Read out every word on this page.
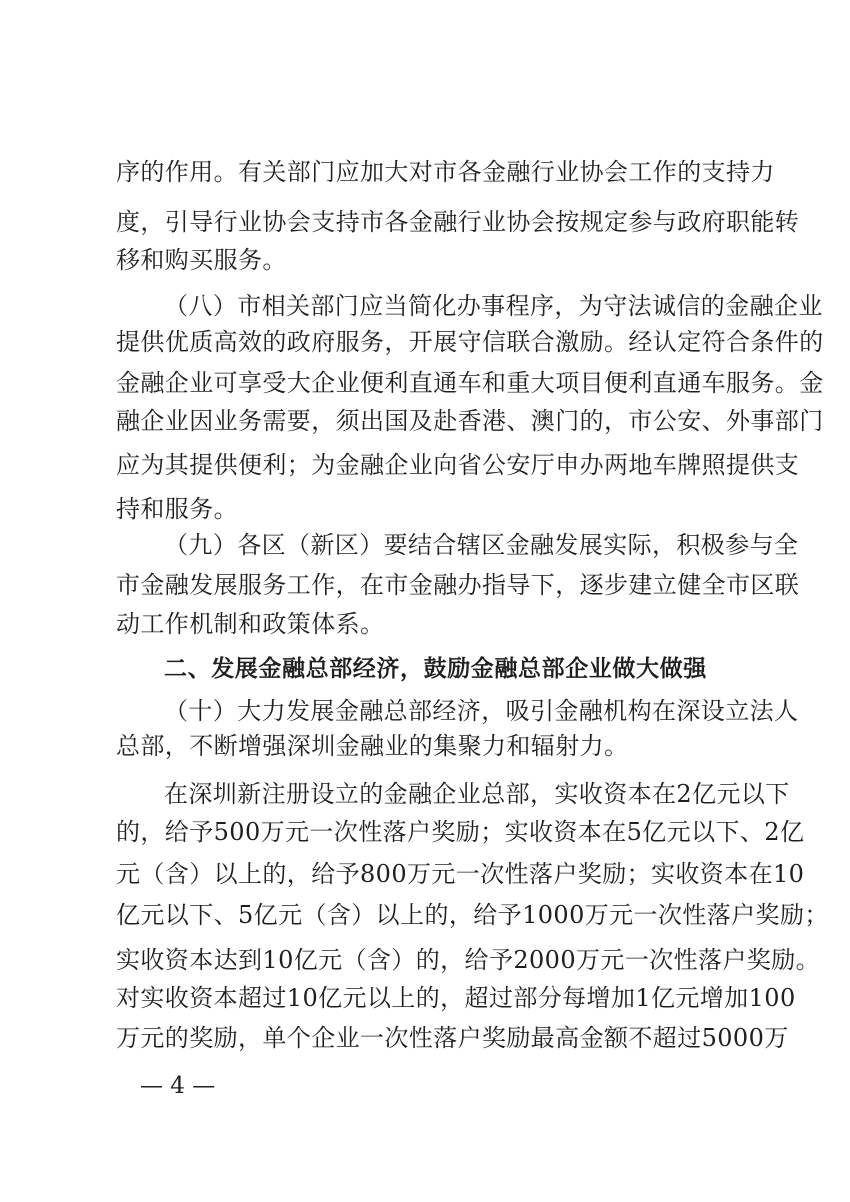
序的作用。有关部门应加大对市各金融行业协会工作的支持力
度，引导行业协会支持市各金融行业协会按规定参与政府职能转
移和购买服务。
（八）市相关部门应当简化办事程序，为守法诚信的金融企业
提供优质高效的政府服务，开展守信联合激励。经认定符合条件的
金融企业可享受大企业便利直通车和重大项目便利直通车服务。金
融企业因业务需要，须出国及赴香港、澳门的，市公安、外事部门
应为其提供便利；为金融企业向省公安厅申办两地车牌照提供支
持和服务。
（九）各区（新区）要结合辖区金融发展实际，积极参与全
市金融发展服务工作，在市金融办指导下，逐步建立健全市区联
动工作机制和政策体系。
二、发展金融总部经济，鼓励金融总部企业做大做强
（十）大力发展金融总部经济，吸引金融机构在深设立法人
总部，不断增强深圳金融业的集聚力和辐射力。
在深圳新注册设立的金融企业总部，实收资本在2亿元以下
的，给予500万元一次性落户奖励；实收资本在5亿元以下、2亿
元（含）以上的，给予800万元一次性落户奖励；实收资本在10
亿元以下、5亿元（含）以上的，给予1000万元一次性落户奖励；
实收资本达到10亿元（含）的，给予2000万元一次性落户奖励。
对实收资本超过10亿元以上的，超过部分每增加1亿元增加100
万元的奖励，单个企业一次性落户奖励最高金额不超过5000万
— 4 —
